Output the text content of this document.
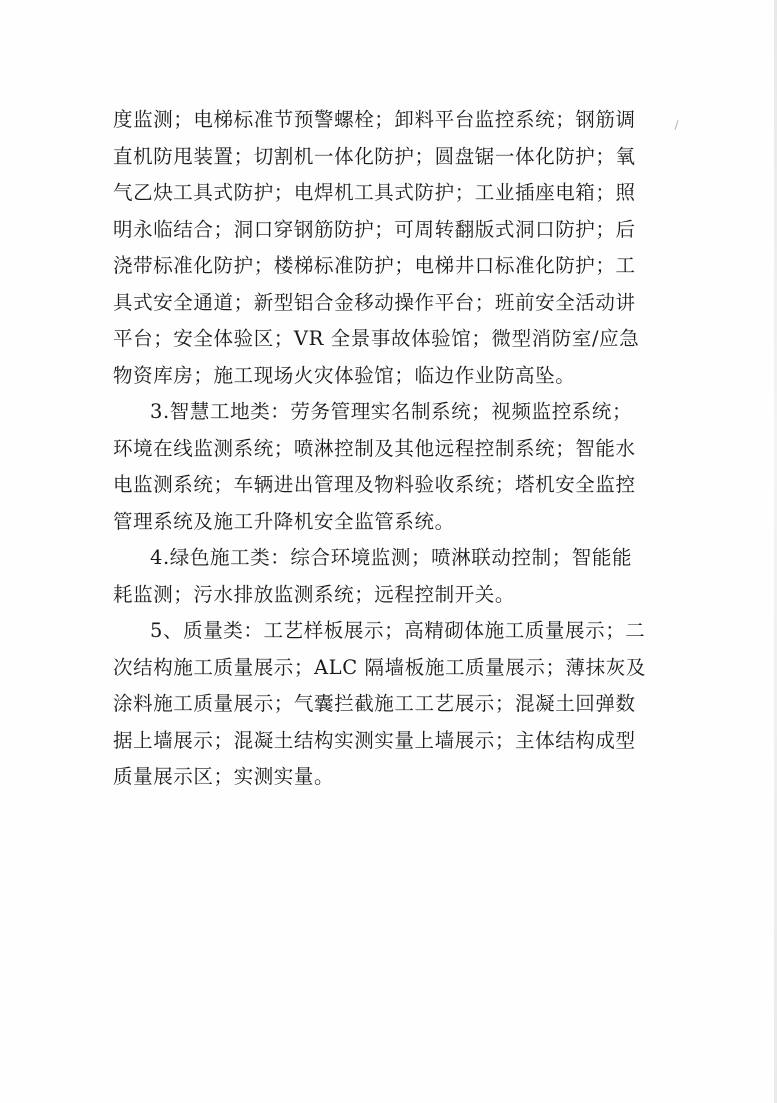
度监测；电梯标准节预警螺栓；卸料平台监控系统；钢筋调
直机防甩装置；切割机一体化防护；圆盘锯一体化防护；氧
气乙炔工具式防护；电焊机工具式防护；工业插座电箱；照
明永临结合；洞口穿钢筋防护；可周转翻版式洞口防护；后
浇带标准化防护；楼梯标准防护；电梯井口标准化防护；工
具式安全通道；新型铝合金移动操作平台；班前安全活动讲
平台；安全体验区；VR 全景事故体验馆；微型消防室/应急
物资库房；施工现场火灾体验馆；临边作业防高坠。
3.智慧工地类：劳务管理实名制系统；视频监控系统；
环境在线监测系统；喷淋控制及其他远程控制系统；智能水
电监测系统；车辆进出管理及物料验收系统；塔机安全监控
管理系统及施工升降机安全监管系统。
4.绿色施工类：综合环境监测；喷淋联动控制；智能能
耗监测；污水排放监测系统；远程控制开关。
5、质量类：工艺样板展示；高精砌体施工质量展示；二
次结构施工质量展示；ALC 隔墙板施工质量展示；薄抹灰及
涂料施工质量展示；气囊拦截施工工艺展示；混凝土回弹数
据上墙展示；混凝土结构实测实量上墙展示；主体结构成型
质量展示区；实测实量。
